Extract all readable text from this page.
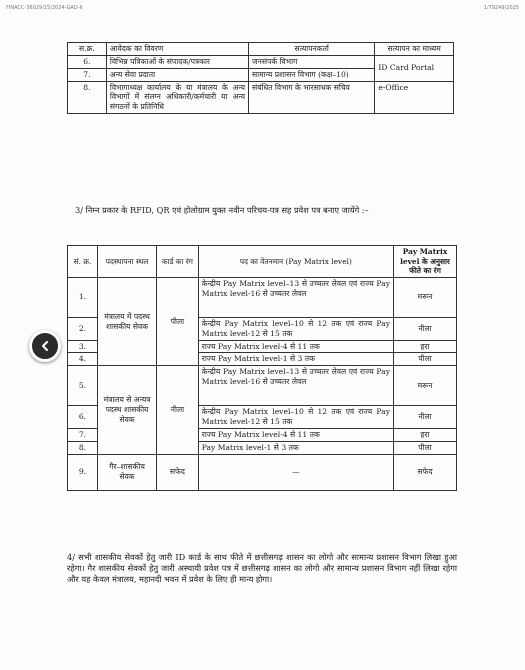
FINACC-36029/15/2024-GAD-II	1/79249/2025
स.क्र.	आवेदक का विवरण	सत्यापनकर्ता	सत्यापन का माध्यम
6.	विभिन्न पत्रिकाओं के संपादक/पत्रकार	जनसंपर्क विभाग	ID Card Portal
7.	अन्य सेवा प्रदाता	सामान्य प्रशासन विभाग (कक्ष–10)	
8.	विभागाध्यक्ष कार्यालय के या मंत्रालय के अन्य विभागों में संलग्न अधिकारी/कर्मचारी या अन्य संगठनों के प्रतिनिधि	संबंधित विभाग के भारसाधक सचिव	e-Office
3/ निम्न प्रकार के RFID, QR एवं होलोग्राम युक्त नवीन परिचय-पत्र सह प्रवेश पत्र बनाए जायेंगे :–
सं. क्र.	पदस्थापना स्थल	कार्ड का रंग	पद का वेतनमान (Pay Matrix level)	Pay Matrix level के अनुसार फीते का रंग
1.	मंत्रालय में पदस्थ शासकीय सेवक	पीला	केन्द्रीय Pay Matrix level–13 से उच्चतर लेवल एवं राज्य Pay Matrix level-16 से उच्चतर लेवल	मरून
2.			केन्द्रीय Pay Matrix level–10 से 12 तक एवं राज्य Pay Matrix level-12 से 15 तक	नीला
3.			राज्य Pay Matrix level-4 से 11 तक	हरा
4.			राज्य Pay Matrix level-1 से 3 तक	पीला
5.	मंत्रालय से अन्यत्र पदस्थ शासकीय सेवक	नीला	केन्द्रीय Pay Matrix level–13 से उच्चतर लेवल एवं राज्य Pay Matrix level-16 से उच्चतर लेवल	मरून
6.			केन्द्रीय Pay Matrix level–10 से 12 तक एवं राज्य Pay Matrix level-12 से 15 तक	नीला
7.			राज्य Pay Matrix level-4 से 11 तक	हरा
8.			Pay Matrix level-1 से 3 तक	पीला
9.	गैर–शासकीय सेवक	सफेद	—	सफेद
4/ सभी शासकीय सेवकों हेतु जारी ID कार्ड के साथ फीते में छत्तीसगढ़ शासन का लोगो और सामान्य प्रशासन विभाग लिखा हुआ रहेगा। गैर शासकीय सेवकों हेतु जारी अस्थायी प्रवेश पत्र में छत्तीसगढ़ शासन का लोगो और सामान्य प्रशासन विभाग नहीं लिखा रहेगा और यह केवल मंत्रालय, महानदी भवन में प्रवेश के लिए ही मान्य होगा।
